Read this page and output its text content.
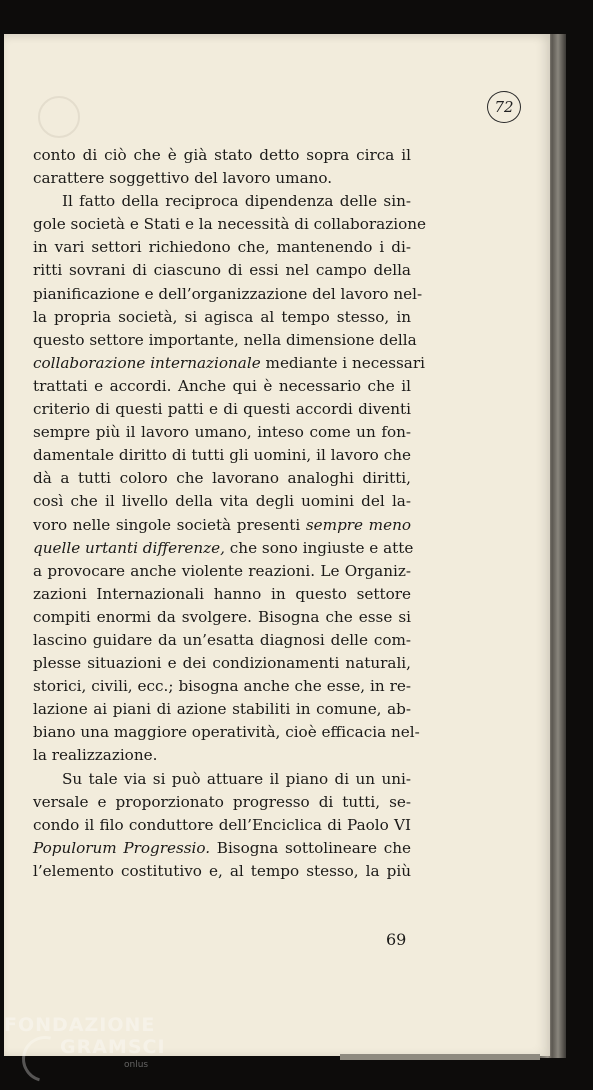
72
conto di ciò che è già stato detto sopra circa il
carattere soggettivo del lavoro umano.
Il fatto della reciproca dipendenza delle sin-
gole società e Stati e la necessità di collaborazione
in vari settori richiedono che, mantenendo i di-
ritti sovrani di ciascuno di essi nel campo della
pianificazione e dell’organizzazione del lavoro nel-
la propria società, si agisca al tempo stesso, in
questo settore importante, nella dimensione della
collaborazione internazionale mediante i necessari
trattati e accordi. Anche qui è necessario che il
criterio di questi patti e di questi accordi diventi
sempre più il lavoro umano, inteso come un fon-
damentale diritto di tutti gli uomini, il lavoro che
dà a tutti coloro che lavorano analoghi diritti,
così che il livello della vita degli uomini del la-
voro nelle singole società presenti sempre meno
quelle urtanti differenze, che sono ingiuste e atte
a provocare anche violente reazioni. Le Organiz-
zazioni Internazionali hanno in questo settore
compiti enormi da svolgere. Bisogna che esse si
lascino guidare da un’esatta diagnosi delle com-
plesse situazioni e dei condizionamenti naturali,
storici, civili, ecc.; bisogna anche che esse, in re-
lazione ai piani di azione stabiliti in comune, ab-
biano una maggiore operatività, cioè efficacia nel-
la realizzazione.
Su tale via si può attuare il piano di un uni-
versale e proporzionato progresso di tutti, se-
condo il filo conduttore dell’Enciclica di Paolo VI
Populorum Progressio. Bisogna sottolineare che
l’elemento costitutivo e, al tempo stesso, la più
69
FONDAZIONE
GRAMSCI
onlus
